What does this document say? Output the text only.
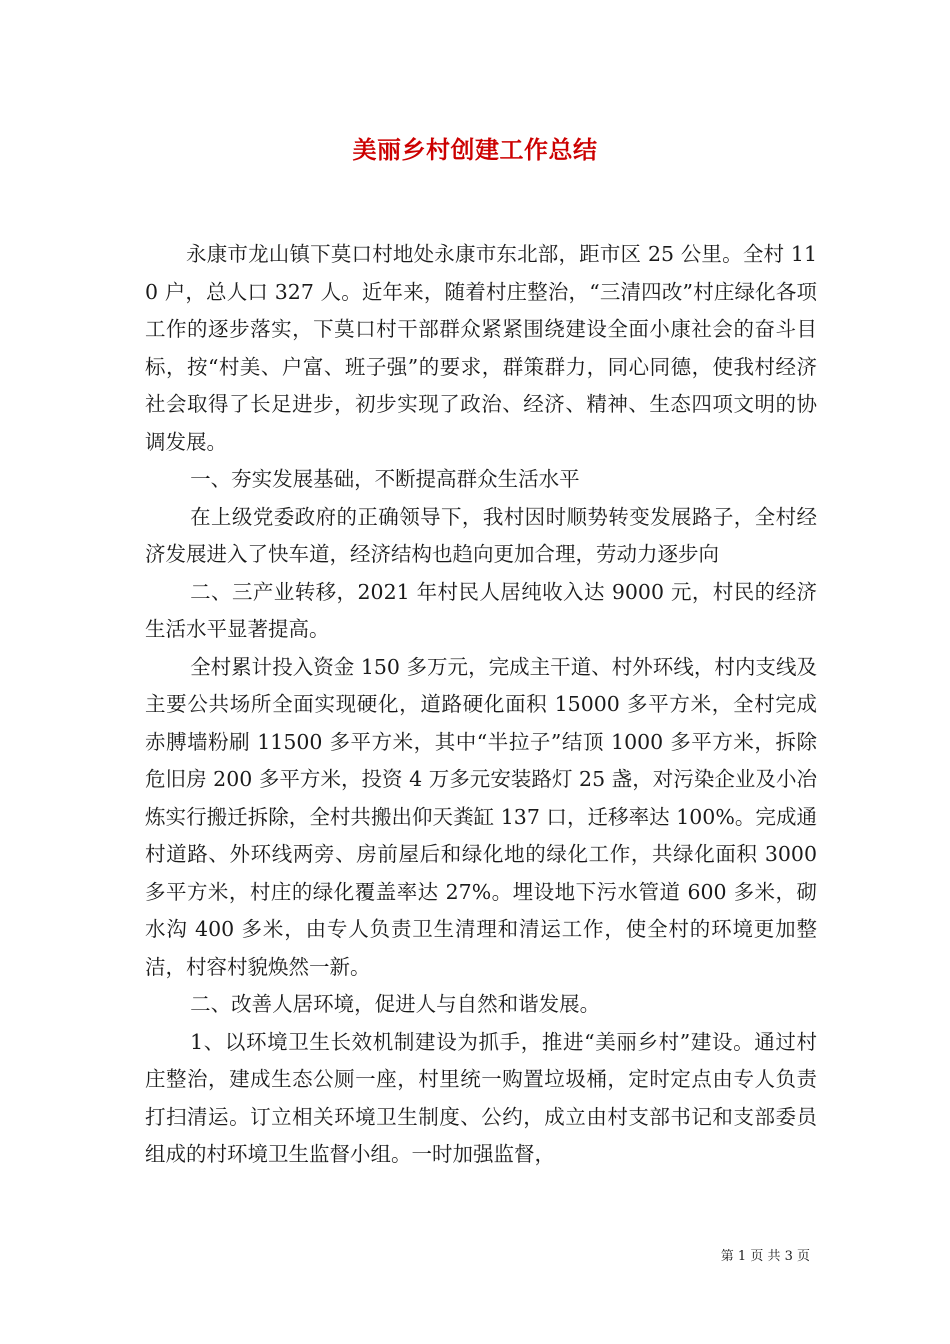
美丽乡村创建工作总结

永康市龙山镇下莫口村地处永康市东北部，距市区 25 公里。全村 110 户，总人口 327 人。近年来，随着村庄整治，“三清四改”村庄绿化各项工作的逐步落实，下莫口村干部群众紧紧围绕建设全面小康社会的奋斗目标，按“村美、户富、班子强”的要求，群策群力，同心同德，使我村经济社会取得了长足进步，初步实现了政治、经济、精神、生态四项文明的协调发展。

一、夯实发展基础，不断提高群众生活水平

在上级党委政府的正确领导下，我村因时顺势转变发展路子，全村经济发展进入了快车道，经济结构也趋向更加合理，劳动力逐步向

二、三产业转移，2021 年村民人居纯收入达 9000 元，村民的经济生活水平显著提高。

全村累计投入资金 150 多万元，完成主干道、村外环线，村内支线及主要公共场所全面实现硬化，道路硬化面积 15000 多平方米，全村完成赤膊墙粉刷 11500 多平方米，其中“半拉子”结顶 1000 多平方米，拆除危旧房 200 多平方米，投资 4 万多元安装路灯 25 盏，对污染企业及小冶炼实行搬迁拆除，全村共搬出仰天粪缸 137 口，迁移率达 100%。完成通村道路、外环线两旁、房前屋后和绿化地的绿化工作，共绿化面积 3000 多平方米，村庄的绿化覆盖率达 27%。埋设地下污水管道 600 多米，砌水沟 400 多米，由专人负责卫生清理和清运工作，使全村的环境更加整洁，村容村貌焕然一新。

二、改善人居环境，促进人与自然和谐发展。

1、以环境卫生长效机制建设为抓手，推进“美丽乡村”建设。通过村庄整治，建成生态公厕一座，村里统一购置垃圾桶，定时定点由专人负责打扫清运。订立相关环境卫生制度、公约，成立由村支部书记和支部委员组成的村环境卫生监督小组。一时加强监督，

第 1 页 共 3 页
